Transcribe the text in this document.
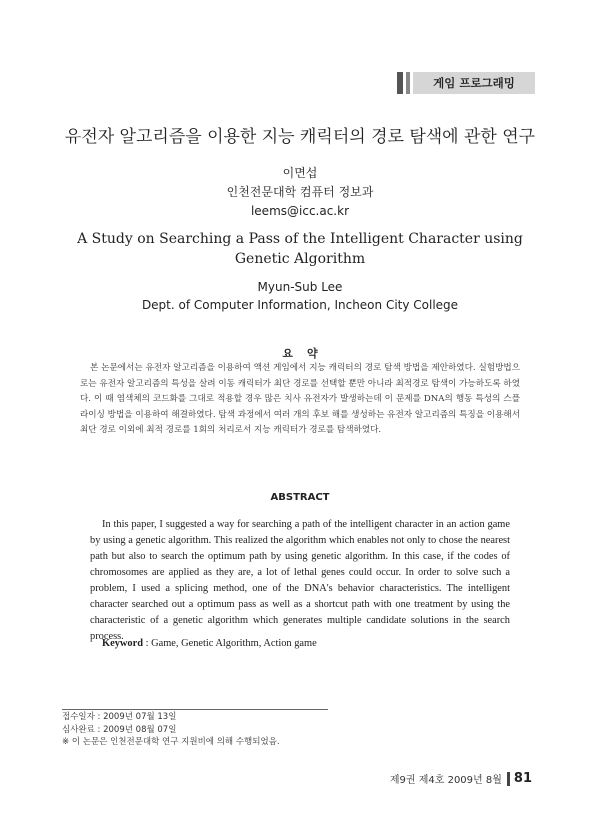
게임 프로그래밍
유전자 알고리즘을 이용한 지능 캐릭터의 경로 탐색에 관한 연구
이면섭
인천전문대학 컴퓨터 정보과
leems@icc.ac.kr
A Study on Searching a Pass of the Intelligent Character using Genetic Algorithm
Myun-Sub Lee
Dept. of Computer Information, Incheon City College
요약
본 논문에서는 유전자 알고리즘을 이용하여 액션 게임에서 지능 캐릭터의 경로 탐색 방법을 제안하였다. 실험방법으로는 유전자 알고리즘의 특성을 살려 이동 캐릭터가 최단 경로를 선택할 뿐만 아니라 최적경로 탐색이 가능하도록 하였다. 이 때 염색체의 코드화를 그대로 적용할 경우 많은 치사 유전자가 발생하는데 이 문제를 DNA의 행동 특성의 스플라이싱 방법을 이용하여 해결하였다. 탐색 과정에서 여러 개의 후보 해를 생성하는 유전자 알고리즘의 특징을 이용해서 최단 경로 이외에 최적 경로를 1회의 처리로서 지능 캐릭터가 경로를 탐색하였다.
ABSTRACT
In this paper, I suggested a way for searching a path of the intelligent character in an action game by using a genetic algorithm. This realized the algorithm which enables not only to chose the nearest path but also to search the optimum path by using genetic algorithm. In this case, if the codes of chromosomes are applied as they are, a lot of lethal genes could occur. In order to solve such a problem, I used a splicing method, one of the DNA's behavior characteristics. The intelligent character searched out a optimum pass as well as a shortcut path with one treatment by using the characteristic of a genetic algorithm which generates multiple candidate solutions in the search process.
Keyword : Game, Genetic Algorithm, Action game
접수일자 : 2009년 07월 13일
심사완료 : 2009년 08월 07일
※ 이 논문은 인천전문대학 연구 지원비에 의해 수행되었음.
제9권 제4호 2009년 8월 81
